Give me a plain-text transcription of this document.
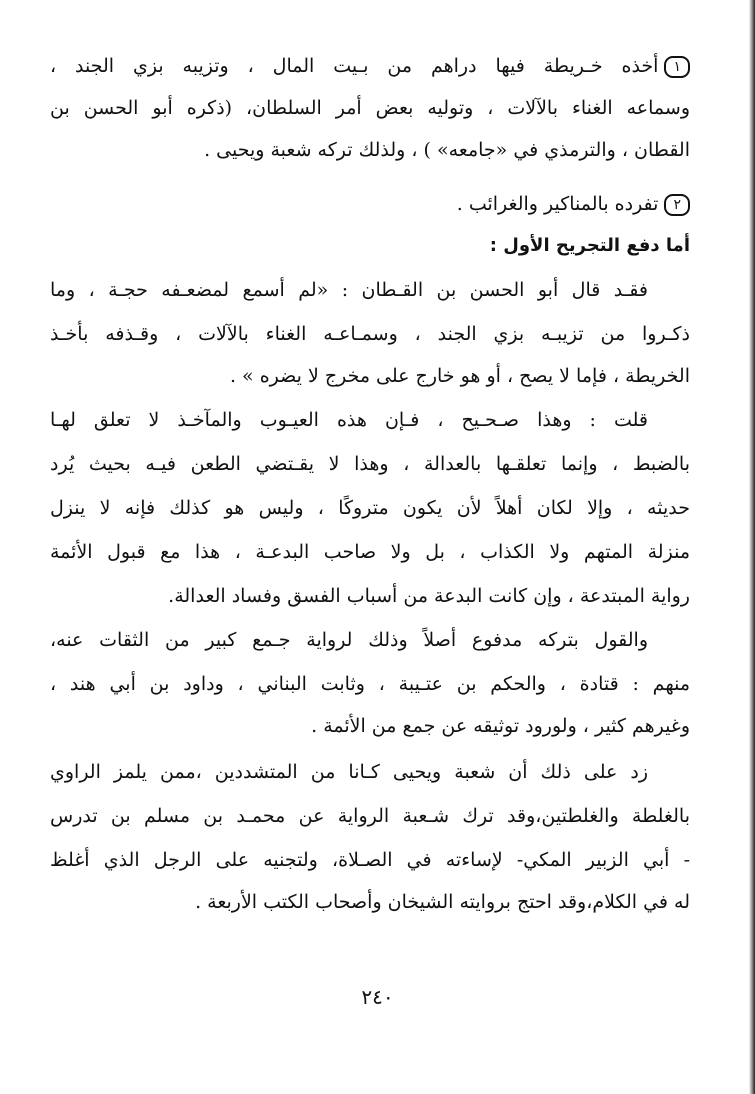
١أخذه خـريطة فيها دراهم من بـيت المال ، وتزيبه بزي الجند ،
وسماعه الغناء بالآلات ، وتوليه بعض أمر السلطان، (ذكره أبو الحسن بن
القطان ، والترمذي في «جامعه» ) ، ولذلك تركه شعبة ويحيى .
٢تفرده بالمناكير والغرائب .
أما دفع التجريح الأول :
فقـد قال أبو الحسن بن القـطان : «لم أسمع لمضعـفه حجـة ، وما
ذكـروا من تزيبـه بزي الجند ، وسمـاعـه الغناء بالآلات ، وقـذفه بأخـذ
الخريطة ، فإما لا يصح ، أو هو خارج على مخرج لا يضره » .
قلت : وهذا صـحـيح ، فـإن هذه العيـوب والمآخـذ لا تعلق لهـا
بالضبط ، وإنما تعلقـها بالعدالة ، وهذا لا يقـتضي الطعن فيـه بحيث يُرد
حديثه ، وإلا لكان أهلاً لأن يكون متروكًا ، وليس هو كذلك فإنه لا ينزل
منزلة المتهم ولا الكذاب ، بل ولا صاحب البدعـة ، هذا مع قبول الأئمة
رواية المبتدعة ، وإن كانت البدعة من أسباب الفسق وفساد العدالة.
والقول بتركه مدفوع أصلاً وذلك لرواية جـمع كبير من الثقات عنه،
منهم : قتادة ، والحكم بن عتـيبة ، وثابت البناني ، وداود بن أبي هند ،
وغيرهم كثير ، ولورود توثيقه عن جمع من الأئمة .
زد على ذلك أن شعبة ويحيى كـانا من المتشددين ،ممن يلمز الراوي
بالغلطة والغلطتين،وقد ترك شـعبة الرواية عن محمـد بن مسلم بن تدرس
- أبي الزبير المكي- لإساءته في الصـلاة، ولتجنيه على الرجل الذي أغلظ
له في الكلام،وقد احتج بروايته الشيخان وأصحاب الكتب الأربعة .
٢٤٠
